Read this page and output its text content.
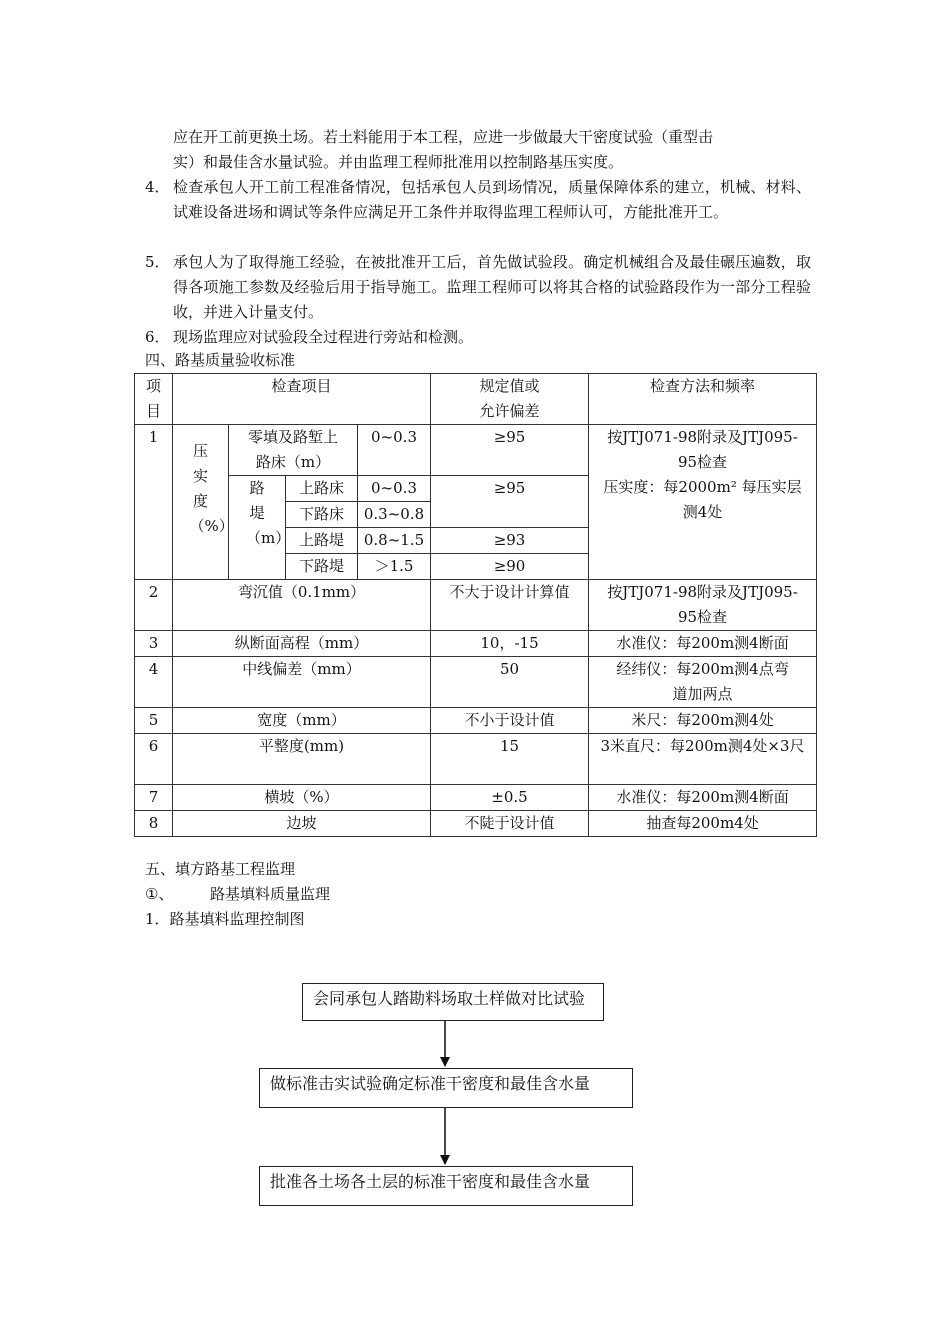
应在开工前更换土场。若土料能用于本工程，应进一步做最大干密度试验（重型击
实）和最佳含水量试验。并由监理工程师批准用以控制路基压实度。
4． 检查承包人开工前工程准备情况，包括承包人员到场情况，质量保障体系的建立，机械、材料、试难设备进场和调试等条件应满足开工条件并取得监理工程师认可，方能批准开工。
5． 承包人为了取得施工经验，在被批准开工后，首先做试验段。确定机械组合及最佳碾压遍数，取得各项施工参数及经验后用于指导施工。监理工程师可以将其合格的试验路段作为一部分工程验收，并进入计量支付。
6． 现场监理应对试验段全过程进行旁站和检测。
四、路基质量验收标准
项目	检查项目				规定值或允许偏差	检查方法和频率
1	压实度（%）	零填及路堑上路床（m）		0~0.3	≥95	按JTJ071-98附录及JTJ095-95检查
压实度：每2000m² 每压实层测4处

		路堤（m）	上路床	0~0.3	≥95	
			下路床	0.3~0.8		
			上路堤	0.8~1.5	≥93	
			下路堤	＞1.5	≥90	
2	弯沉值（0.1mm）				不大于设计计算值	按JTJ071-98附录及JTJ095-95检查

3	纵断面高程（mm）				10，-15	水准仪：每200m测4断面
4	中线偏差（mm）				50	经纬仪：每200m测4点弯道加两点

5	宽度（mm）				不小于设计值	米尺：每200m测4处
6	平整度(mm)				15	3米直尺：每200m测4处×3尺

7	横坡（%）				±0.5	水准仪：每200m测4断面
8	边坡				不陡于设计值	抽查每200m4处
五、填方路基工程监理
①、 路基填料质量监理
1．路基填料监理控制图
会同承包人踏勘料场取土样做对比试验
做标准击实试验确定标准干密度和最佳含水量
批准各土场各土层的标准干密度和最佳含水量
